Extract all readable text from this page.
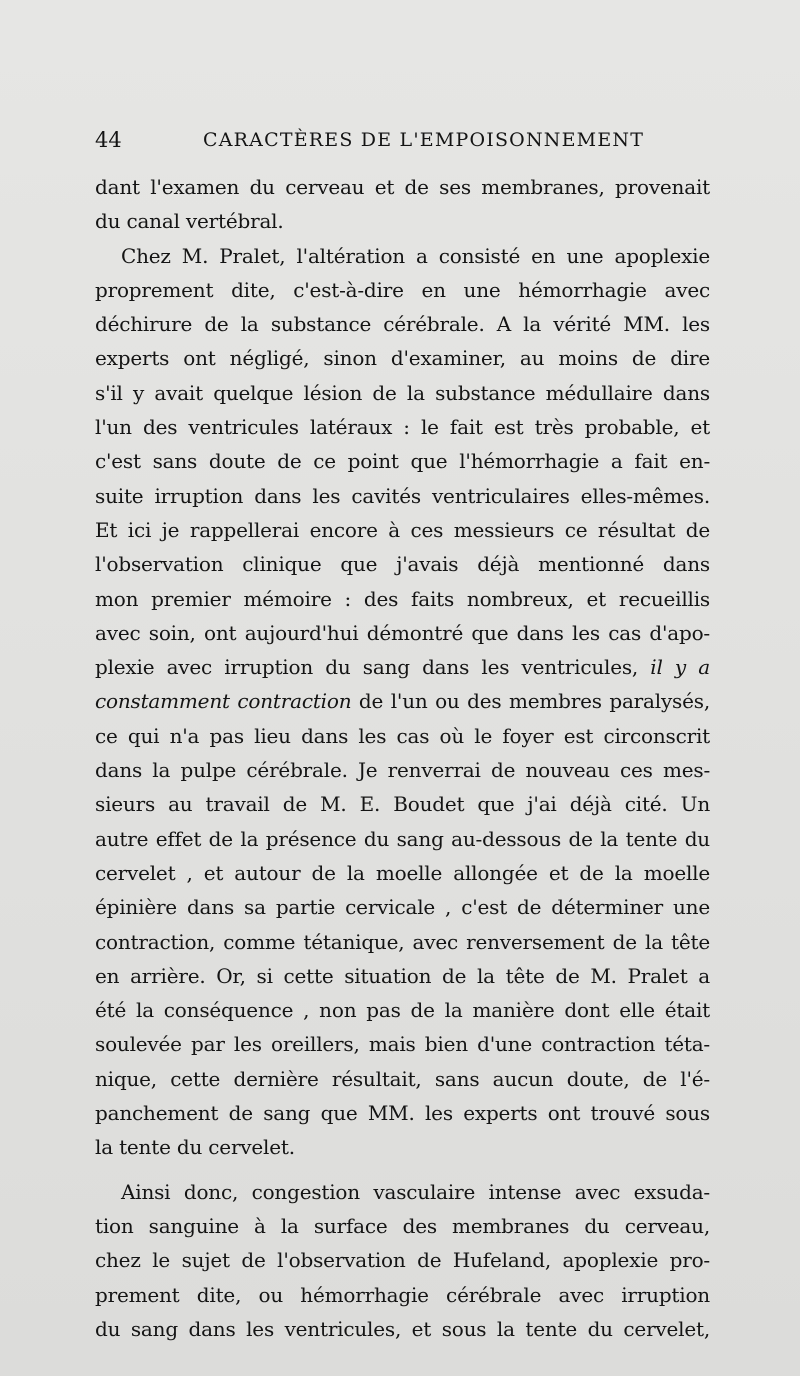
44	CARACTÈRES DE L'EMPOISONNEMENT
dant l'examen du cerveau et de ses membranes, provenait
du canal vertébral.
Chez M. Pralet, l'altération a consisté en une apoplexie
proprement dite, c'est-à-dire en une hémorrhagie avec
déchirure de la substance cérébrale. A la vérité MM. les
experts ont négligé, sinon d'examiner, au moins de dire
s'il y avait quelque lésion de la substance médullaire dans
l'un des ventricules latéraux : le fait est très probable, et
c'est sans doute de ce point que l'hémorrhagie a fait en-
suite irruption dans les cavités ventriculaires elles-mêmes.
Et ici je rappellerai encore à ces messieurs ce résultat de
l'observation clinique que j'avais déjà mentionné dans
mon premier mémoire : des faits nombreux, et recueillis
avec soin, ont aujourd'hui démontré que dans les cas d'apo-
plexie avec irruption du sang dans les ventricules, il y a
constamment contraction de l'un ou des membres paralysés,
ce qui n'a pas lieu dans les cas où le foyer est circonscrit
dans la pulpe cérébrale. Je renverrai de nouveau ces mes-
sieurs au travail de M. E. Boudet que j'ai déjà cité. Un
autre effet de la présence du sang au-dessous de la tente du
cervelet , et autour de la moelle allongée et de la moelle
épinière dans sa partie cervicale , c'est de déterminer une
contraction, comme tétanique, avec renversement de la tête
en arrière. Or, si cette situation de la tête de M. Pralet a
été la conséquence , non pas de la manière dont elle était
soulevée par les oreillers, mais bien d'une contraction téta-
nique, cette dernière résultait, sans aucun doute, de l'é-
panchement de sang que MM. les experts ont trouvé sous
la tente du cervelet.
Ainsi donc, congestion vasculaire intense avec exsuda-
tion sanguine à la surface des membranes du cerveau,
chez le sujet de l'observation de Hufeland, apoplexie pro-
prement dite, ou hémorrhagie cérébrale avec irruption
du sang dans les ventricules, et sous la tente du cervelet,
